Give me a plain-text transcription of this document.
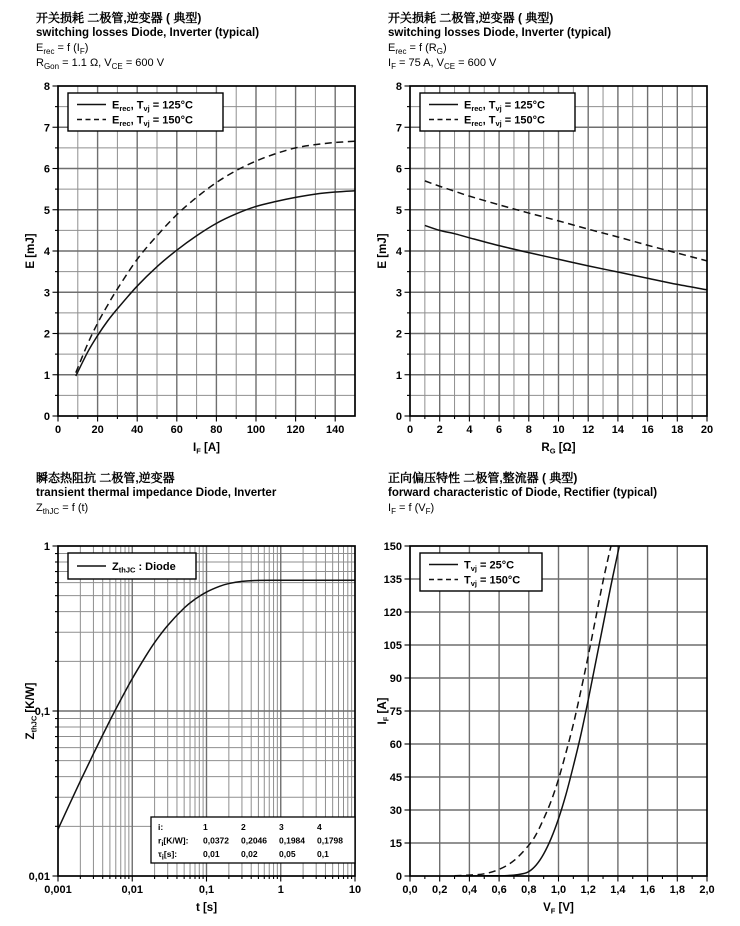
开关损耗 二极管,逆变器 ( 典型)
switching losses Diode, Inverter (typical)
$E_{rec} = f$ $(I_F)$
$R_{Gon} = 1.1$ Ω, $V_{CE} = 600$ V
0	20 40 60 80 100 120 140
0
1
2
3
4
5
6
7
8
$I_F$ [A]
E [mJ]
$E_{rec}$, $T_{vj} = 125^\circ C$
$E_{rec}$, $T_{vj} = 150^\circ C$
开关损耗 二极管,逆变器 ( 典型)
switching losses Diode, Inverter (typical)
$E_{rec} = f$ $(R_G)$
$I_F = 75$ A, $V_{CE} = 600$ V
0 2 4 6 8 10 12 14 16 18 20
0
1
2
3
4
5
6
7
8
$R_G$ [Ω]
E [mJ]
$E_{rec}$, $T_{vj} = 125^\circ C$
$E_{rec}$, $T_{vj} = 150^\circ C$
瞬态热阻抗 二极管,逆变器
transient thermal impedance Diode, Inverter
$Z_{thJC} = f$ (t)
0,001	0,01	0,1	1	10
0,01
0,1
1
t [s]
$Z_{thJC}$ [K/W]
$Z_{thJC}$ : Diode
i:	1	2	3	4
ri[K/W]: 0,0372 0,2046 0,1984 0,1798
τi[s]:	0,01	0,02	0,05	0,1
正向偏压特性 二极管,整流器 ( 典型)
forward characteristic of Diode, Rectifier (typical)
$I_F = f$ $(V_F)$
0,0 0,2 0,4 0,6 0,8 1,0 1,2 1,4 1,6 1,8 2,0
0
15
30
45
60
75
90
105
120
135
150
$V_F$ [V]
$I_F$ [A]
$T_{vj} = 25^\circ C$
$T_{vj} = 150^\circ C$
